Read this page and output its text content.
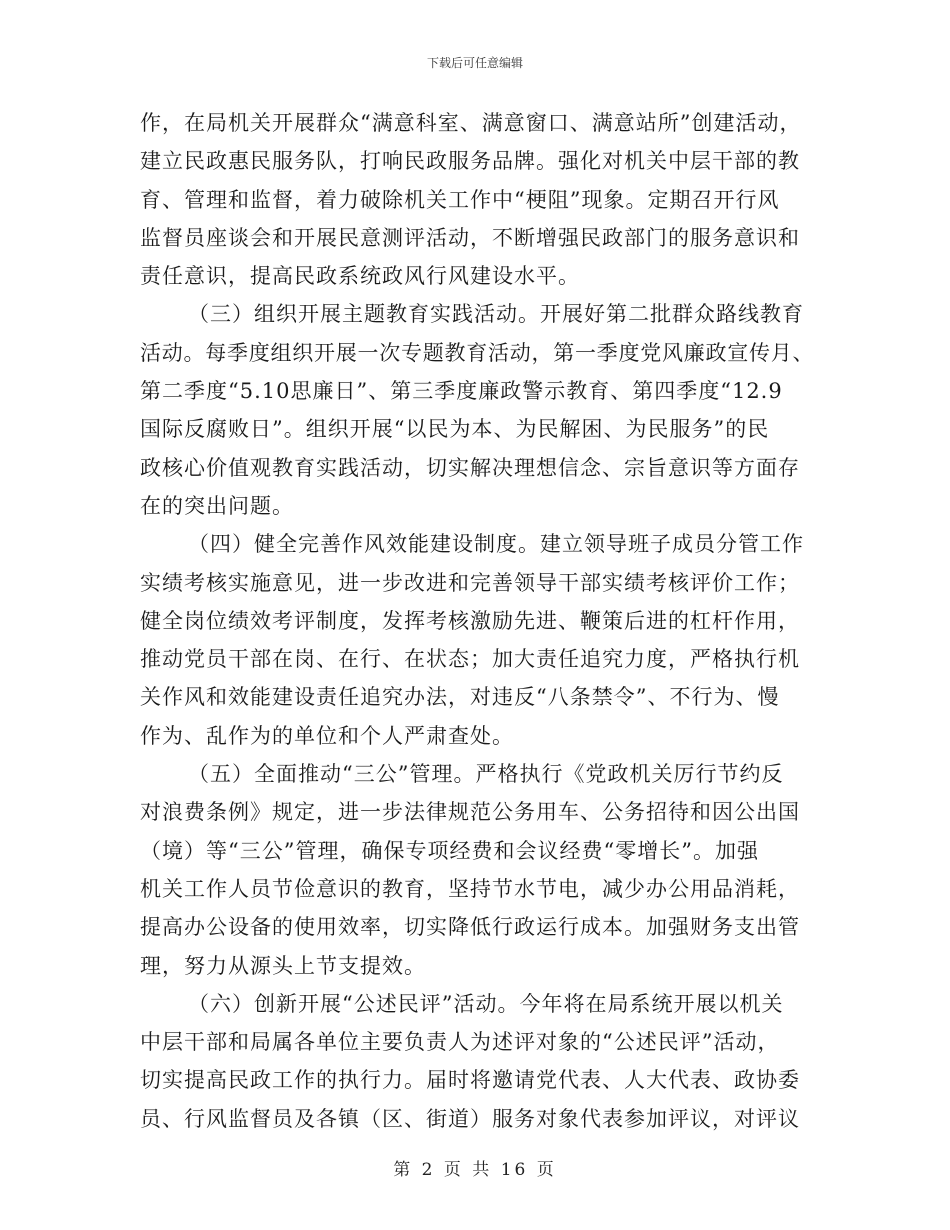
下载后可任意编辑
作，在局机关开展群众“满意科室、满意窗口、满意站所”创建活动，
建立民政惠民服务队，打响民政服务品牌。强化对机关中层干部的教
育、管理和监督，着力破除机关工作中“梗阻”现象。定期召开行风
监督员座谈会和开展民意测评活动，不断增强民政部门的服务意识和
责任意识，提高民政系统政风行风建设水平。
（三）组织开展主题教育实践活动。开展好第二批群众路线教育
活动。每季度组织开展一次专题教育活动，第一季度党风廉政宣传月、
第二季度“5.10思廉日”、第三季度廉政警示教育、第四季度“12.9
国际反腐败日”。组织开展“以民为本、为民解困、为民服务”的民
政核心价值观教育实践活动，切实解决理想信念、宗旨意识等方面存
在的突出问题。
（四）健全完善作风效能建设制度。建立领导班子成员分管工作
实绩考核实施意见，进一步改进和完善领导干部实绩考核评价工作；
健全岗位绩效考评制度，发挥考核激励先进、鞭策后进的杠杆作用，
推动党员干部在岗、在行、在状态；加大责任追究力度，严格执行机
关作风和效能建设责任追究办法，对违反“八条禁令”、不行为、慢
作为、乱作为的单位和个人严肃查处。
（五）全面推动“三公”管理。严格执行《党政机关厉行节约反
对浪费条例》规定，进一步法律规范公务用车、公务招待和因公出国
（境）等“三公”管理，确保专项经费和会议经费“零增长”。加强
机关工作人员节俭意识的教育，坚持节水节电，减少办公用品消耗，
提高办公设备的使用效率，切实降低行政运行成本。加强财务支出管
理，努力从源头上节支提效。
（六）创新开展“公述民评”活动。今年将在局系统开展以机关
中层干部和局属各单位主要负责人为述评对象的“公述民评”活动，
切实提高民政工作的执行力。届时将邀请党代表、人大代表、政协委
员、行风监督员及各镇（区、街道）服务对象代表参加评议，对评议
第 2 页 共 16 页
